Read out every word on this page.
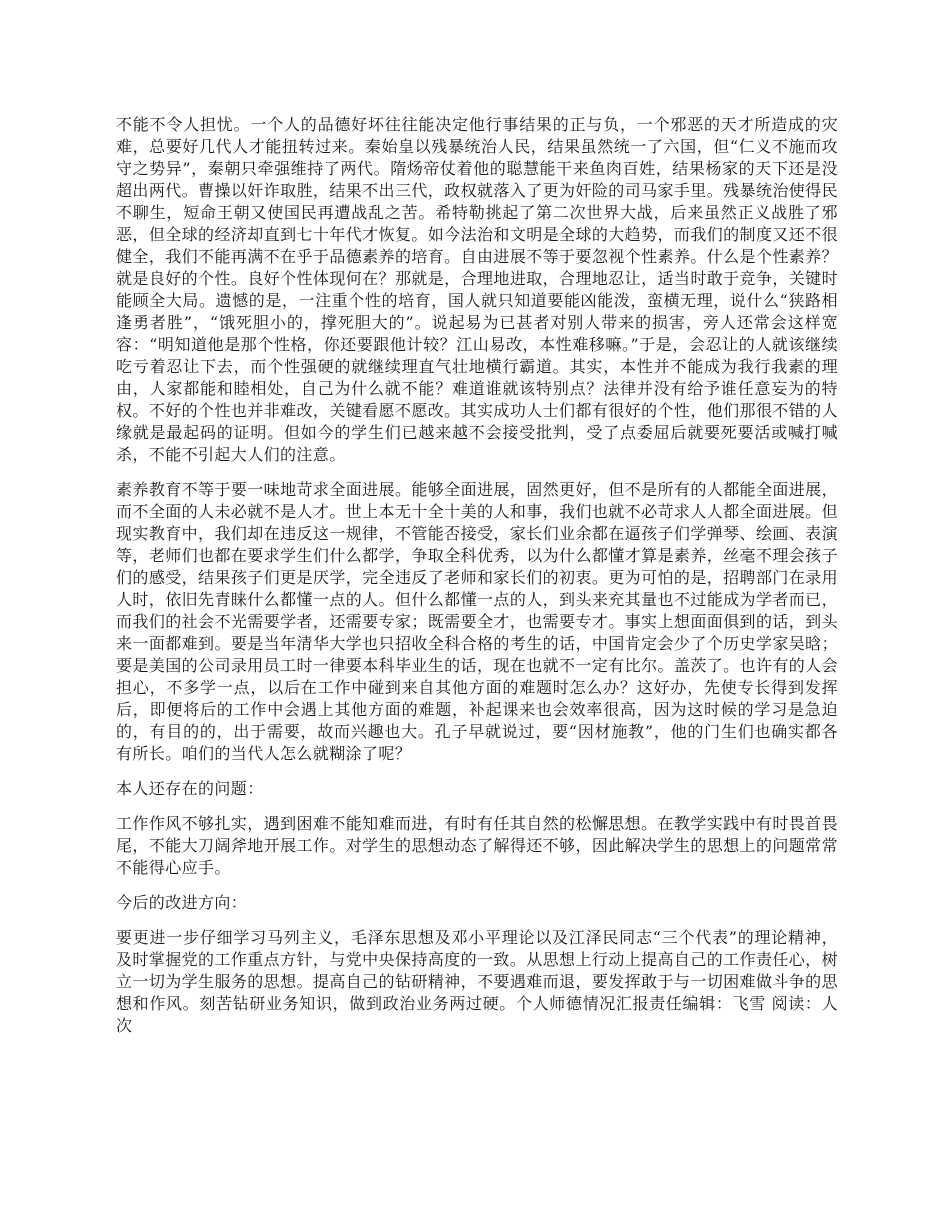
不能不令人担忧。一个人的品德好坏往往能决定他行事结果的正与负，一个邪恶的天才所造成的灾难，总要好几代人才能扭转过来。秦始皇以残暴统治人民，结果虽然统一了六国，但“仁义不施而攻守之势异”，秦朝只牵强维持了两代。隋炀帝仗着他的聪慧能干来鱼肉百姓，结果杨家的天下还是没超出两代。曹操以奸诈取胜，结果不出三代，政权就落入了更为奸险的司马家手里。残暴统治使得民不聊生，短命王朝又使国民再遭战乱之苦。希特勒挑起了第二次世界大战，后来虽然正义战胜了邪恶，但全球的经济却直到七十年代才恢复。如今法治和文明是全球的大趋势，而我们的制度又还不很健全，我们不能再满不在乎于品德素养的培育。自由进展不等于要忽视个性素养。什么是个性素养？就是良好的个性。良好个性体现何在？那就是，合理地进取，合理地忍让，适当时敢于竞争，关键时能顾全大局。遗憾的是，一注重个性的培育，国人就只知道要能凶能泼，蛮横无理，说什么“狭路相逢勇者胜”，“饿死胆小的，撑死胆大的”。说起易为已甚者对别人带来的损害，旁人还常会这样宽容：“明知道他是那个性格，你还要跟他计较？江山易改，本性难移嘛。”于是，会忍让的人就该继续吃亏着忍让下去，而个性强硬的就继续理直气壮地横行霸道。其实，本性并不能成为我行我素的理由，人家都能和睦相处，自己为什么就不能？难道谁就该特别点？法律并没有给予谁任意妄为的特权。不好的个性也并非难改，关键看愿不愿改。其实成功人士们都有很好的个性，他们那很不错的人缘就是最起码的证明。但如今的学生们已越来越不会接受批判，受了点委屈后就要死要活或喊打喊杀，不能不引起大人们的注意。

素养教育不等于要一味地苛求全面进展。能够全面进展，固然更好，但不是所有的人都能全面进展，而不全面的人未必就不是人才。世上本无十全十美的人和事，我们也就不必苛求人人都全面进展。但现实教育中，我们却在违反这一规律，不管能否接受，家长们业余都在逼孩子们学弹琴、绘画、表演等，老师们也都在要求学生们什么都学，争取全科优秀，以为什么都懂才算是素养，丝毫不理会孩子们的感受，结果孩子们更是厌学，完全违反了老师和家长们的初衷。更为可怕的是，招聘部门在录用人时，依旧先青睐什么都懂一点的人。但什么都懂一点的人，到头来充其量也不过能成为学者而已，而我们的社会不光需要学者，还需要专家；既需要全才，也需要专才。事实上想面面俱到的话，到头来一面都难到。要是当年清华大学也只招收全科合格的考生的话，中国肯定会少了个历史学家吴晗；要是美国的公司录用员工时一律要本科毕业生的话，现在也就不一定有比尔。盖茨了。也许有的人会担心，不多学一点，以后在工作中碰到来自其他方面的难题时怎么办？这好办，先使专长得到发挥后，即便将后的工作中会遇上其他方面的难题，补起课来也会效率很高，因为这时候的学习是急迫的，有目的的，出于需要，故而兴趣也大。孔子早就说过，要“因材施教”，他的门生们也确实都各有所长。咱们的当代人怎么就糊涂了呢？

本人还存在的问题：

工作作风不够扎实，遇到困难不能知难而进，有时有任其自然的松懈思想。在教学实践中有时畏首畏尾，不能大刀阔斧地开展工作。对学生的思想动态了解得还不够，因此解决学生的思想上的问题常常不能得心应手。

今后的改进方向：

要更进一步仔细学习马列主义，毛泽东思想及邓小平理论以及江泽民同志“三个代表”的理论精神，及时掌握党的工作重点方针，与党中央保持高度的一致。从思想上行动上提高自己的工作责任心，树立一切为学生服务的思想。提高自己的钻研精神，不要遇难而退，要发挥敢于与一切困难做斗争的思想和作风。刻苦钻研业务知识，做到政治业务两过硬。个人师德情况汇报责任编辑：飞雪 阅读：人次
